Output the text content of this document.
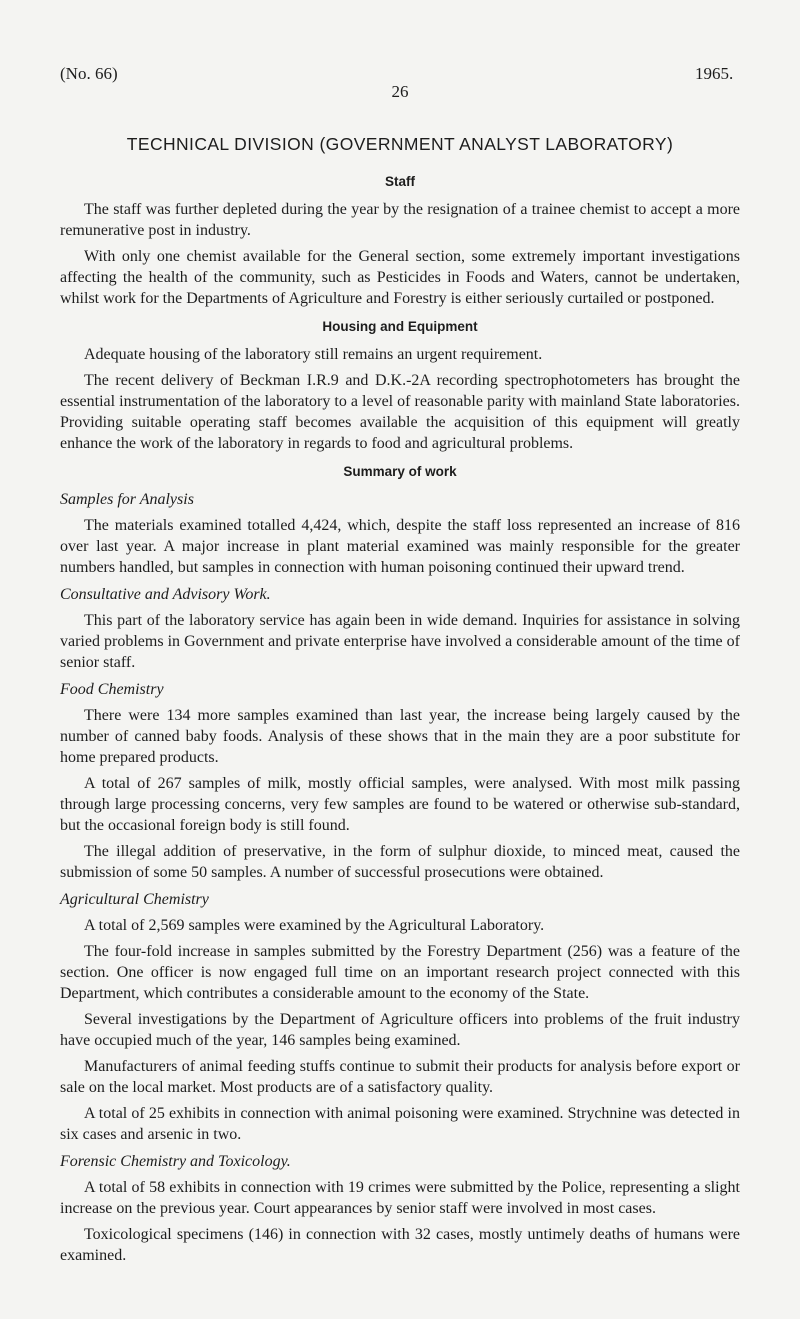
(No. 66)	1965.
26
TECHNICAL DIVISION (GOVERNMENT ANALYST LABORATORY)
Staff

The staff was further depleted during the year by the resignation of a trainee chemist to accept a more remunerative post in industry.

With only one chemist available for the General section, some extremely important investigations affecting the health of the community, such as Pesticides in Foods and Waters, cannot be undertaken, whilst work for the Departments of Agriculture and Forestry is either seriously curtailed or postponed.

Housing and Equipment

Adequate housing of the laboratory still remains an urgent requirement.

The recent delivery of Beckman I.R.9 and D.K.-2A recording spectrophotometers has brought the essential instrumentation of the laboratory to a level of reasonable parity with mainland State laboratories. Providing suitable operating staff becomes available the acquisition of this equipment will greatly enhance the work of the laboratory in regards to food and agricultural problems.

Summary of work
Samples for Analysis

The materials examined totalled 4,424, which, despite the staff loss represented an increase of 816 over last year. A major increase in plant material examined was mainly responsible for the greater numbers handled, but samples in connection with human poisoning continued their upward trend.

Consultative and Advisory Work.

This part of the laboratory service has again been in wide demand. Inquiries for assistance in solving varied problems in Government and private enterprise have involved a considerable amount of the time of senior staff.

Food Chemistry

There were 134 more samples examined than last year, the increase being largely caused by the number of canned baby foods. Analysis of these shows that in the main they are a poor substitute for home prepared products.

A total of 267 samples of milk, mostly official samples, were analysed. With most milk passing through large processing concerns, very few samples are found to be watered or otherwise sub-standard, but the occasional foreign body is still found.

The illegal addition of preservative, in the form of sulphur dioxide, to minced meat, caused the submission of some 50 samples. A number of successful prosecutions were obtained.

Agricultural Chemistry

A total of 2,569 samples were examined by the Agricultural Laboratory.

The four-fold increase in samples submitted by the Forestry Department (256) was a feature of the section. One officer is now engaged full time on an important research project connected with this Department, which contributes a considerable amount to the economy of the State.

Several investigations by the Department of Agriculture officers into problems of the fruit industry have occupied much of the year, 146 samples being examined.

Manufacturers of animal feeding stuffs continue to submit their products for analysis before export or sale on the local market. Most products are of a satisfactory quality.

A total of 25 exhibits in connection with animal poisoning were examined. Strychnine was detected in six cases and arsenic in two.

Forensic Chemistry and Toxicology.

A total of 58 exhibits in connection with 19 crimes were submitted by the Police, representing a slight increase on the previous year. Court appearances by senior staff were involved in most cases.

Toxicological specimens (146) in connection with 32 cases, mostly untimely deaths of humans were examined.
